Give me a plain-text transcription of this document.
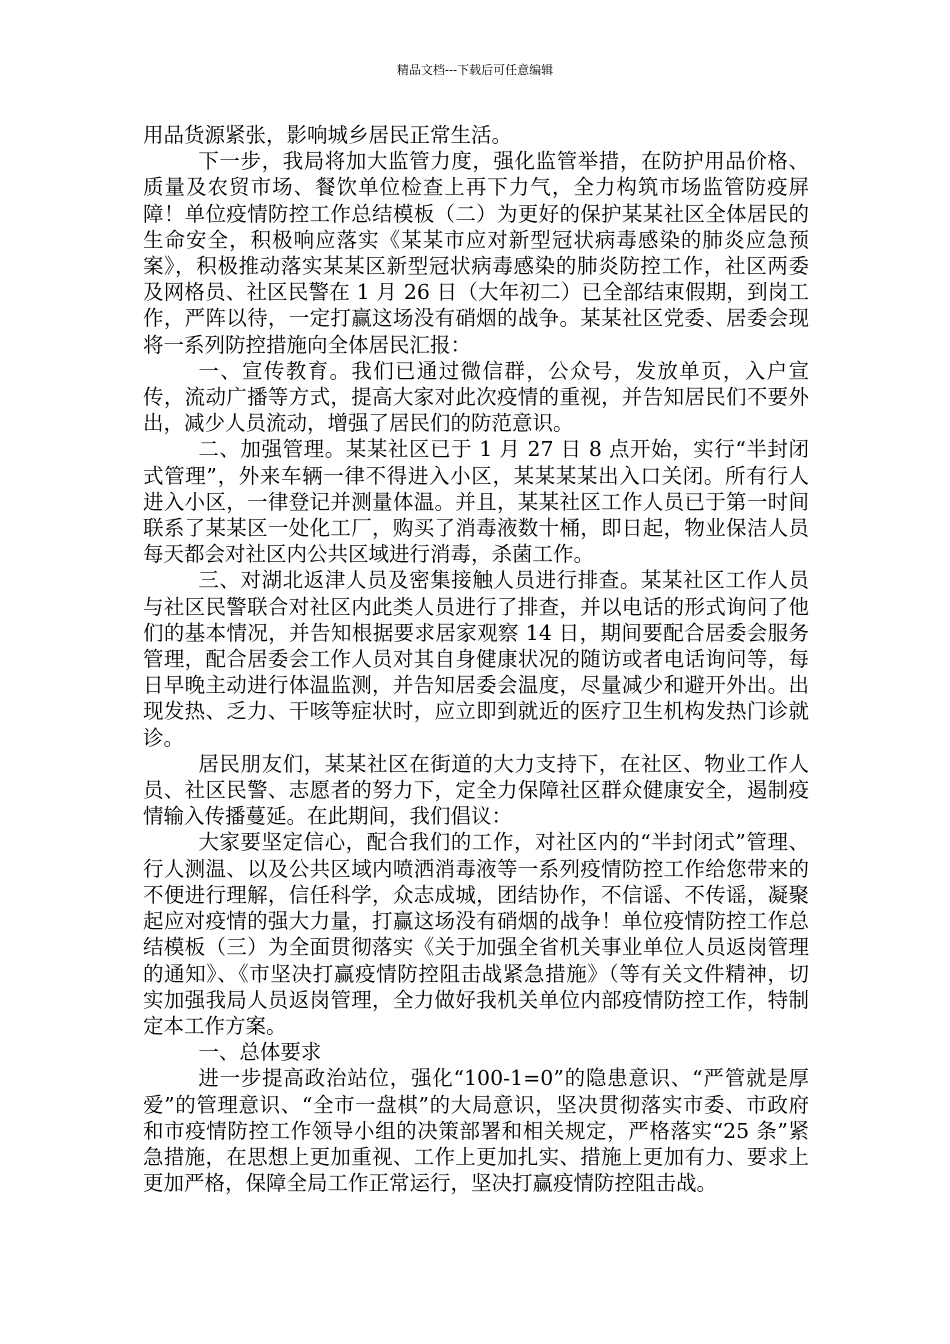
精品文档---下载后可任意编辑

用品货源紧张，影响城乡居民正常生活。

下一步，我局将加大监管力度，强化监管举措，在防护用品价格、质量及农贸市场、餐饮单位检查上再下力气，全力构筑市场监管防疫屏障！单位疫情防控工作总结模板（二）为更好的保护某某社区全体居民的生命安全，积极响应落实《某某市应对新型冠状病毒感染的肺炎应急预案》，积极推动落实某某区新型冠状病毒感染的肺炎防控工作，社区两委及网格员、社区民警在 1 月 26 日（大年初二）已全部结束假期，到岗工作，严阵以待，一定打赢这场没有硝烟的战争。某某社区党委、居委会现将一系列防控措施向全体居民汇报：

一、宣传教育。我们已通过微信群，公众号，发放单页，入户宣传，流动广播等方式，提高大家对此次疫情的重视，并告知居民们不要外出，减少人员流动，增强了居民们的防范意识。

二、加强管理。某某社区已于 1 月 27 日 8 点开始，实行“半封闭式管理”，外来车辆一律不得进入小区，某某某某出入口关闭。所有行人进入小区，一律登记并测量体温。并且，某某社区工作人员已于第一时间联系了某某区一处化工厂，购买了消毒液数十桶，即日起，物业保洁人员每天都会对社区内公共区域进行消毒，杀菌工作。

三、对湖北返津人员及密集接触人员进行排查。某某社区工作人员与社区民警联合对社区内此类人员进行了排查，并以电话的形式询问了他们的基本情况，并告知根据要求居家观察 14 日，期间要配合居委会服务管理，配合居委会工作人员对其自身健康状况的随访或者电话询问等，每日早晚主动进行体温监测，并告知居委会温度，尽量减少和避开外出。出现发热、乏力、干咳等症状时，应立即到就近的医疗卫生机构发热门诊就诊。

居民朋友们，某某社区在街道的大力支持下，在社区、物业工作人员、社区民警、志愿者的努力下，定全力保障社区群众健康安全，遏制疫情输入传播蔓延。在此期间，我们倡议：

大家要坚定信心，配合我们的工作，对社区内的“半封闭式”管理、行人测温、以及公共区域内喷洒消毒液等一系列疫情防控工作给您带来的不便进行理解，信任科学，众志成城，团结协作，不信谣、不传谣，凝聚起应对疫情的强大力量，打赢这场没有硝烟的战争！单位疫情防控工作总结模板（三）为全面贯彻落实《关于加强全省机关事业单位人员返岗管理的通知》、《市坚决打赢疫情防控阻击战紧急措施》（等有关文件精神，切实加强我局人员返岗管理，全力做好我机关单位内部疫情防控工作，特制定本工作方案。

一、总体要求

进一步提高政治站位，强化“100-1=0”的隐患意识、“严管就是厚爱”的管理意识、“全市一盘棋”的大局意识，坚决贯彻落实市委、市政府和市疫情防控工作领导小组的决策部署和相关规定，严格落实“25 条”紧急措施，在思想上更加重视、工作上更加扎实、措施上更加有力、要求上更加严格，保障全局工作正常运行，坚决打赢疫情防控阻击战。
